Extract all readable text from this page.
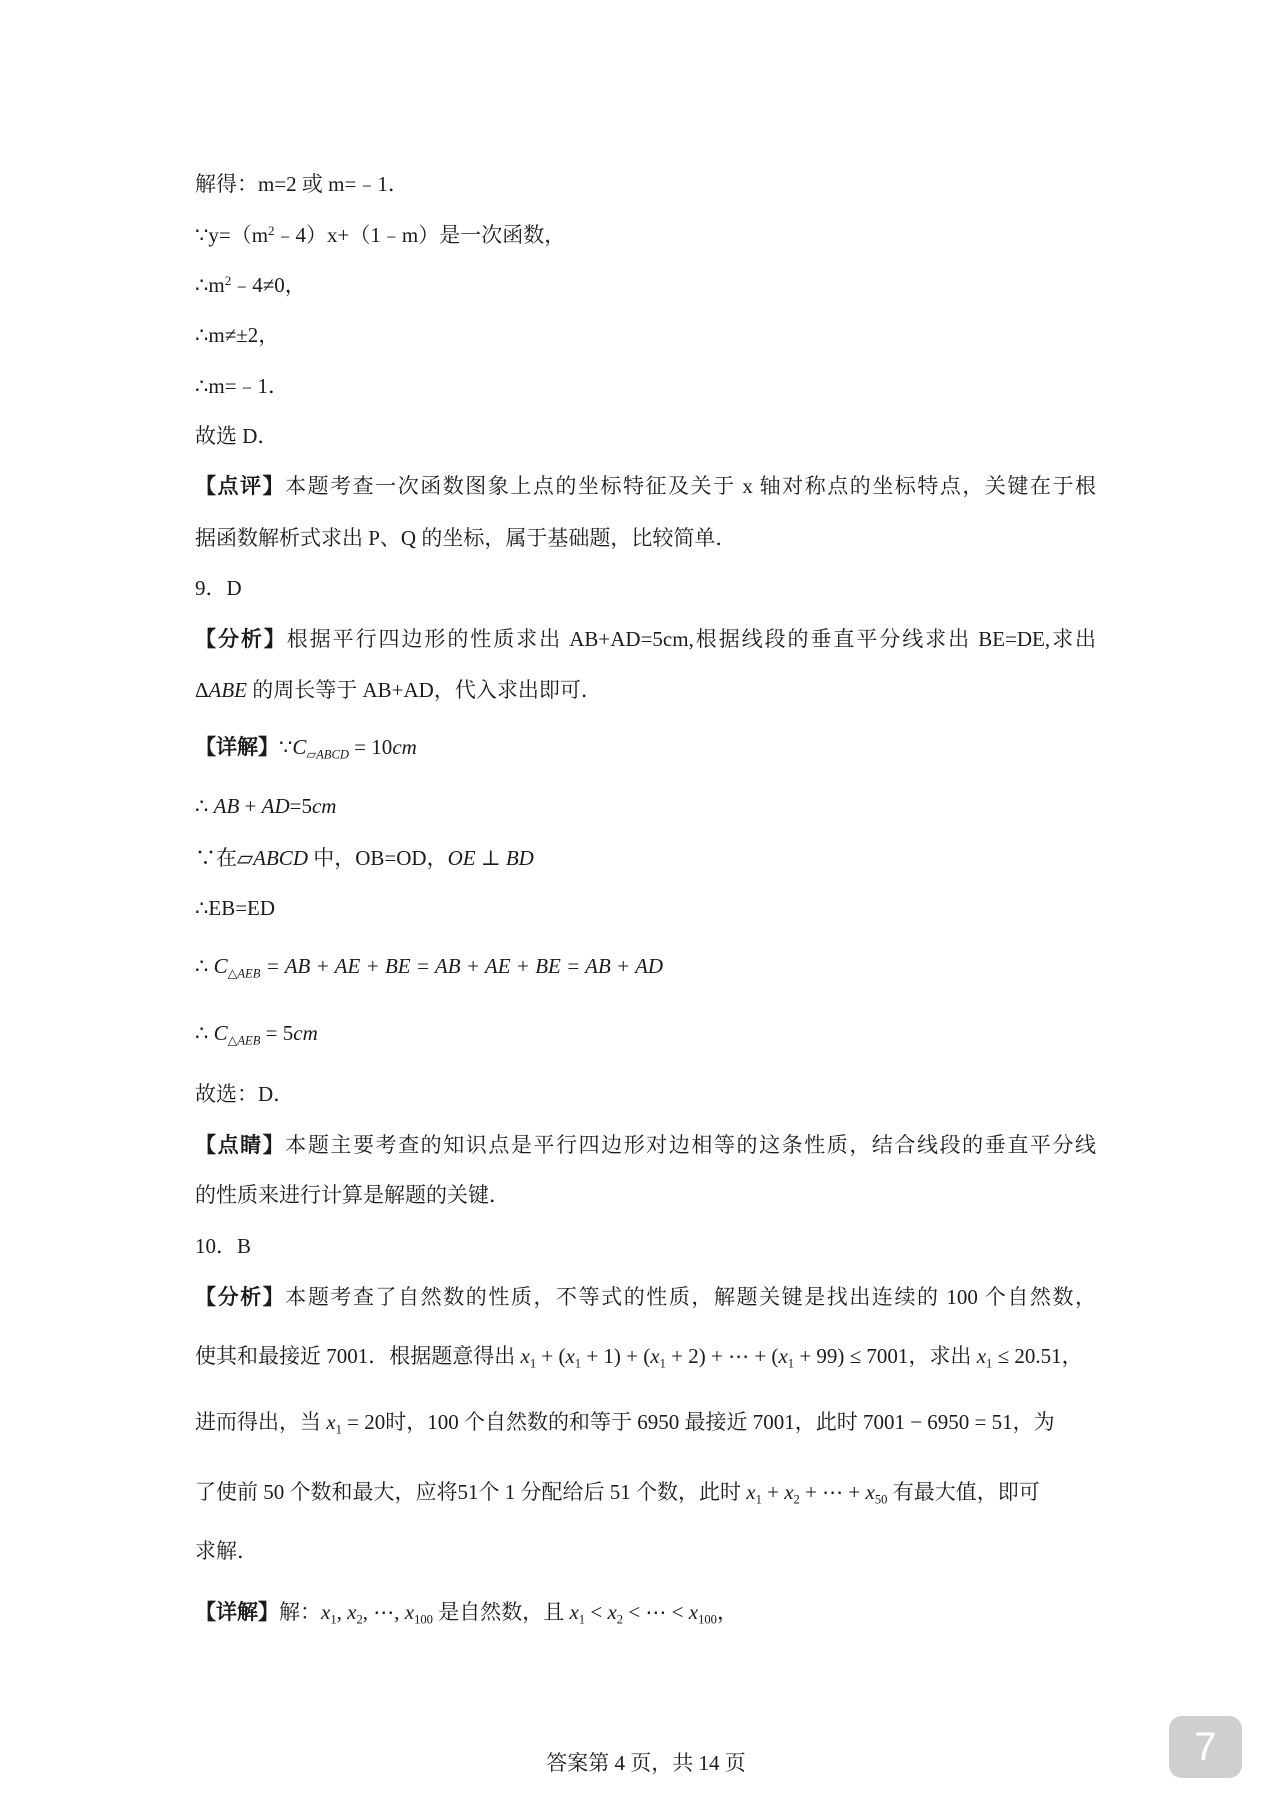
解得：m=2 或 m=﹣1．
$\because y=(m^2﹣4)x+(1﹣m)$是一次函数，
$\therefore m^2﹣4\ne 0$，
∴m≠±2，
∴m=﹣1．
故选 D．
【点评】本题考查一次函数图象上点的坐标特征及关于 x 轴对称点的坐标特点，关键在于根
据函数解析式求出 P、Q 的坐标，属于基础题，比较简单．
9．D
【分析】根据平行四边形的性质求出 AB+AD=5cm,根据线段的垂直平分线求出 BE=DE,求出
ΔABE 的周长等于 AB+AD，代入求出即可．
【详解】$\because C_{▱ABCD} = 10cm$
∴ AB + AD=5cm
∵在▱ABCD 中，OB=OD，OE ⊥ BD
∴EB=ED
∴ $C_{\triangle AEB}$ = AB + AE + BE = AB + AE + BE = AB + AD
∴ $C_{\triangle AEB} = 5cm$
故选：D．
【点睛】本题主要考查的知识点是平行四边形对边相等的这条性质，结合线段的垂直平分线
的性质来进行计算是解题的关键．
10．B
【分析】本题考查了自然数的性质，不等式的性质，解题关键是找出连续的 100 个自然数，
使其和最接近 7001．根据题意得出 $x_1 + (x_1 + 1) + (x_1 + 2)$ + ⋯ + $(x_1 + 99) \le 7001$，求出 $x_1 \le 20.51$，
进而得出，当 $x_1 = 20$时，100 个自然数的和等于 6950 最接近 7001，此时 7001 − 6950 = 51，为
了使前 50 个数和最大，应将51个 1 分配给后 51 个数，此时 $x_1 + x_2$ + ⋯ + $x_{50}$ 有最大值，即可
求解．
【详解】解：$x_1$, $x_2$, ⋯, $x_{100}$ 是自然数，且 $x_1 < x_2$ < ⋯ < $x_{100}$，
答案第 4 页，共 14 页	7
